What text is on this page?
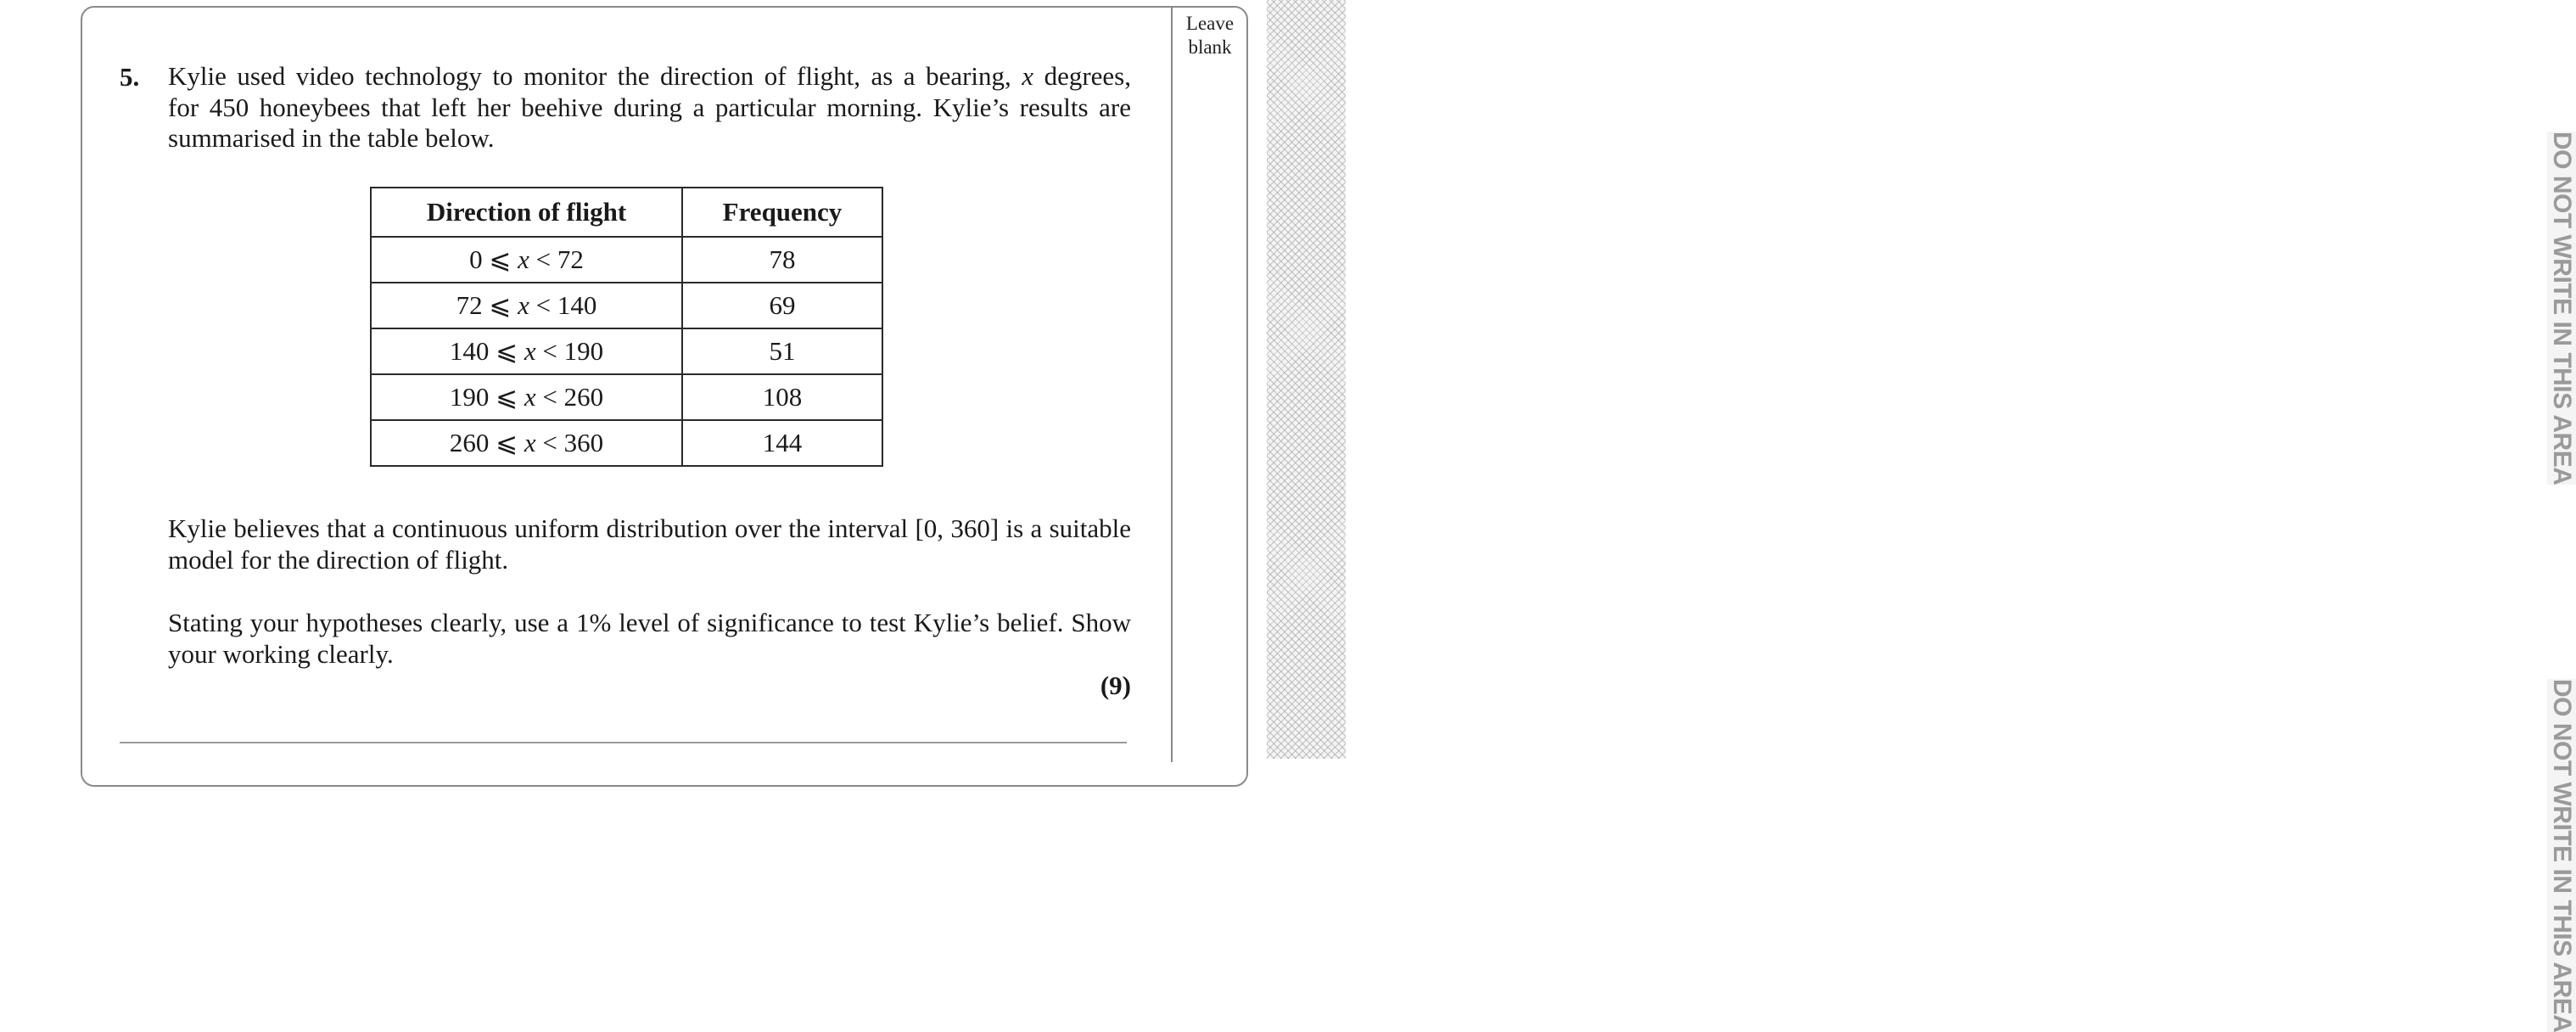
DO NOT WRITE IN THIS AREA
DO NOT WRITE IN THIS AREA
Leave
blank
5. Kylie used video technology to monitor the direction of flight, as a bearing, x degrees,
for 450 honeybees that left her beehive during a particular morning. Kylie’s results are
summarised in the table below.
Direction of flight	Frequency
0 ⩽ x < 72	78
72 ⩽ x < 140	69
140 ⩽ x < 190	51
190 ⩽ x < 260	108
260 ⩽ x < 360	144
Kylie believes that a continuous uniform distribution over the interval [0, 360] is a suitable
model for the direction of flight.
Stating your hypotheses clearly, use a 1% level of significance to test Kylie’s belief. Show
your working clearly.
(9)
